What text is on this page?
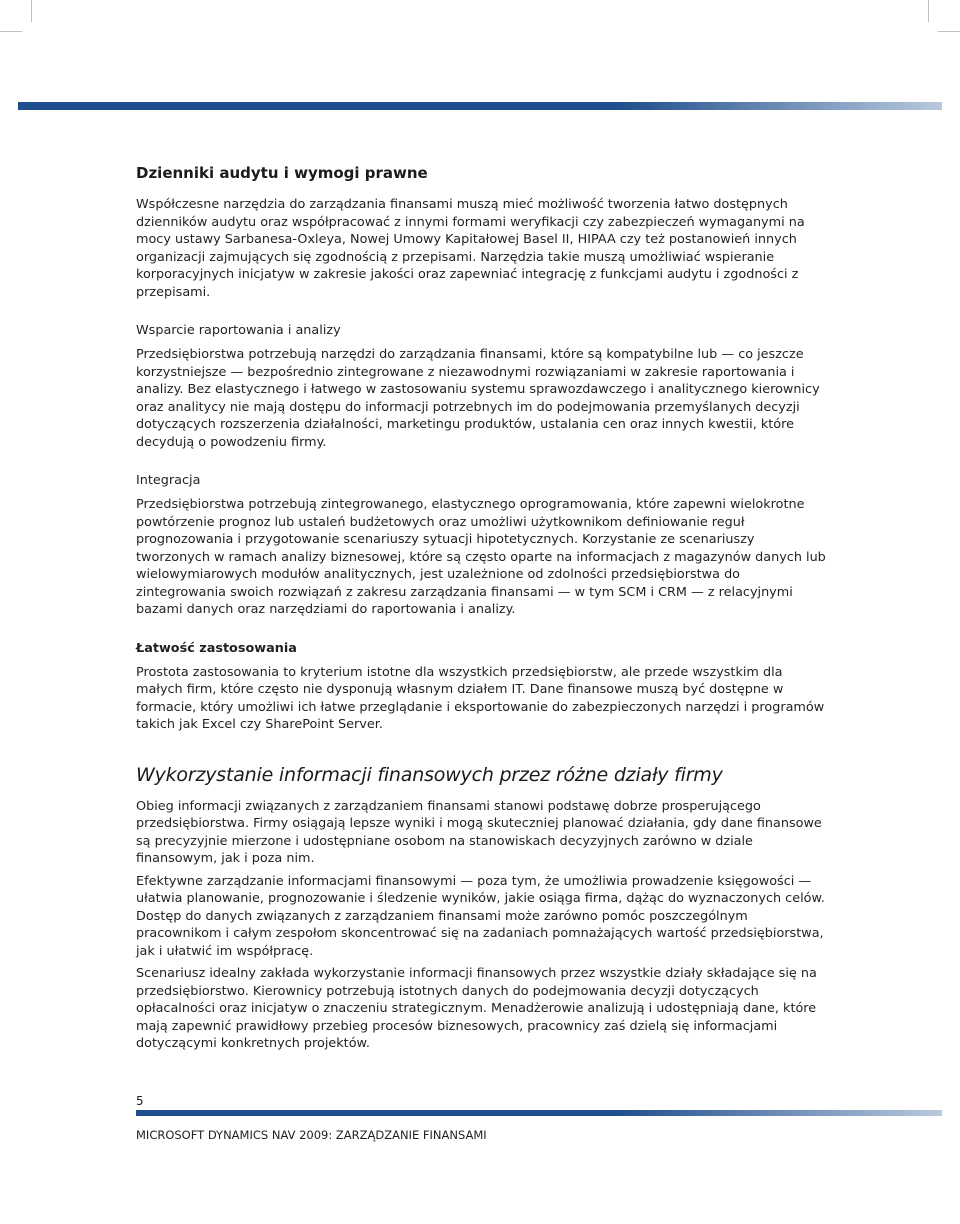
Dzienniki audytu i wymogi prawne

Współczesne narzędzia do zarządzania finansami muszą mieć możliwość tworzenia łatwo dostępnych dzienników audytu oraz współpracować z innymi formami weryfikacji czy zabezpieczeń wymaganymi na mocy ustawy Sarbanesa-Oxleya, Nowej Umowy Kapitałowej Basel II, HIPAA czy też postanowień innych organizacji zajmujących się zgodnością z przepisami. Narzędzia takie muszą umożliwiać wspieranie korporacyjnych inicjatyw w zakresie jakości oraz zapewniać integrację z funkcjami audytu i zgodności z przepisami.

Wsparcie raportowania i analizy

Przedsiębiorstwa potrzebują narzędzi do zarządzania finansami, które są kompatybilne lub — co jeszcze korzystniejsze — bezpośrednio zintegrowane z niezawodnymi rozwiązaniami w zakresie raportowania i analizy. Bez elastycznego i łatwego w zastosowaniu systemu sprawozdawczego i analitycznego kierownicy oraz analitycy nie mają dostępu do informacji potrzebnych im do podejmowania przemyślanych decyzji dotyczących rozszerzenia działalności, marketingu produktów, ustalania cen oraz innych kwestii, które decydują o powodzeniu firmy.

Integracja

Przedsiębiorstwa potrzebują zintegrowanego, elastycznego oprogramowania, które zapewni wielokrotne powtórzenie prognoz lub ustaleń budżetowych oraz umożliwi użytkownikom definiowanie reguł prognozowania i przygotowanie scenariuszy sytuacji hipotetycznych. Korzystanie ze scenariuszy tworzonych w ramach analizy biznesowej, które są często oparte na informacjach z magazynów danych lub wielowymiarowych modułów analitycznych, jest uzależnione od zdolności przedsiębiorstwa do zintegrowania swoich rozwiązań z zakresu zarządzania finansami — w tym SCM i CRM — z relacyjnymi bazami danych oraz narzędziami do raportowania i analizy.

Łatwość zastosowania

Prostota zastosowania to kryterium istotne dla wszystkich przedsiębiorstw, ale przede wszystkim dla małych firm, które często nie dysponują własnym działem IT. Dane finansowe muszą być dostępne w formacie, który umożliwi ich łatwe przeglądanie i eksportowanie do zabezpieczonych narzędzi i programów takich jak Excel czy SharePoint Server.

Wykorzystanie informacji finansowych przez różne działy firmy

Obieg informacji związanych z zarządzaniem finansami stanowi podstawę dobrze prosperującego przedsiębiorstwa. Firmy osiągają lepsze wyniki i mogą skuteczniej planować działania, gdy dane finansowe są precyzyjnie mierzone i udostępniane osobom na stanowiskach decyzyjnych zarówno w dziale finansowym, jak i poza nim.

Efektywne zarządzanie informacjami finansowymi — poza tym, że umożliwia prowadzenie księgowości — ułatwia planowanie, prognozowanie i śledzenie wyników, jakie osiąga firma, dążąc do wyznaczonych celów. Dostęp do danych związanych z zarządzaniem finansami może zarówno pomóc poszczególnym pracownikom i całym zespołom skoncentrować się na zadaniach pomnażających wartość przedsiębiorstwa, jak i ułatwić im współpracę.

Scenariusz idealny zakłada wykorzystanie informacji finansowych przez wszystkie działy składające się na przedsiębiorstwo. Kierownicy potrzebują istotnych danych do podejmowania decyzji dotyczących opłacalności oraz inicjatyw o znaczeniu strategicznym. Menadżerowie analizują i udostępniają dane, które mają zapewnić prawidłowy przebieg procesów biznesowych, pracownicy zaś dzielą się informacjami dotyczącymi konkretnych projektów.

5
MICROSOFT DYNAMICS NAV 2009: ZARZĄDZANIE FINANSAMI
